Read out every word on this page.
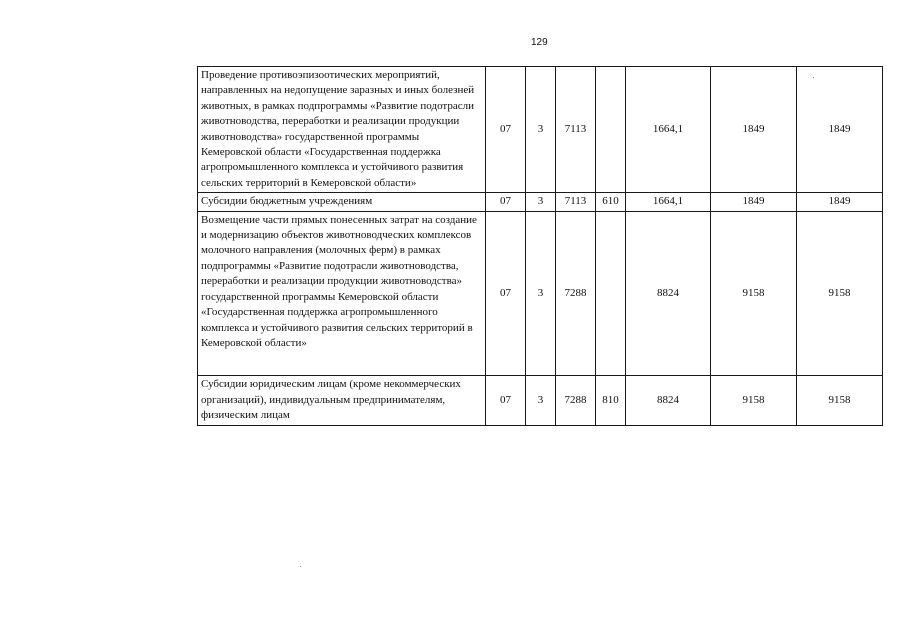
129
Проведение противоэпизоотических мероприятий, направленных на недопущение заразных и иных болезней животных, в рамках подпрограммы «Развитие подотрасли животноводства, переработки и реализации продукции животноводства» государственной программы Кемеровской области «Государственная поддержка агропромышленного комплекса и устойчивого развития сельских территорий в Кемеровской области»	07	3	7113		1664,1	1849	1849
Субсидии бюджетным учреждениям	07	3	7113	610	1664,1	1849	1849
Возмещение части прямых понесенных затрат на создание и модернизацию объектов животноводческих комплексов молочного направления (молочных ферм) в рамках подпрограммы «Развитие подотрасли животноводства, переработки и реализации продукции животноводства» государственной программы Кемеровской области «Государственная поддержка агропромышленного комплекса и устойчивого развития сельских территорий в Кемеровской области»	07	3	7288		8824	9158	9158
Субсидии юридическим лицам (кроме некоммерческих организаций), индивидуальным предпринимателям, физическим лицам	07	3	7288	810	8824	9158	9158
